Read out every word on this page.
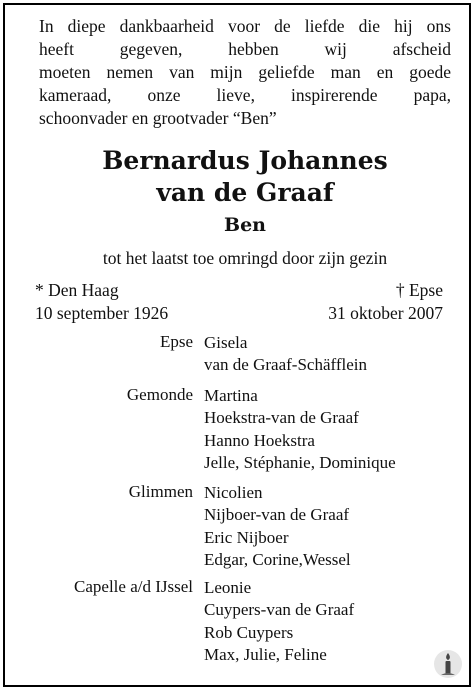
In diepe dankbaarheid voor de liefde die hij ons
heeft gegeven, hebben wij afscheid
moeten nemen van mijn geliefde man en goede
kameraad, onze lieve, inspirerende papa,
schoonvader en grootvader “Ben”
Bernardus Johannes
van de Graaf
Ben
tot het laatst toe omringd door zijn gezin
* Den Haag
10 september 1926
† Epse
31 oktober 2007
Epse Gisela
van de Graaf-Schäfflein
Gemonde Martina
Hoekstra-van de Graaf
Hanno Hoekstra
Jelle, Stéphanie, Dominique
Glimmen Nicolien
Nijboer-van de Graaf
Eric Nijboer
Edgar, Corine,Wessel
Capelle a/d IJssel Leonie
Cuypers-van de Graaf
Rob Cuypers
Max, Julie, Feline
